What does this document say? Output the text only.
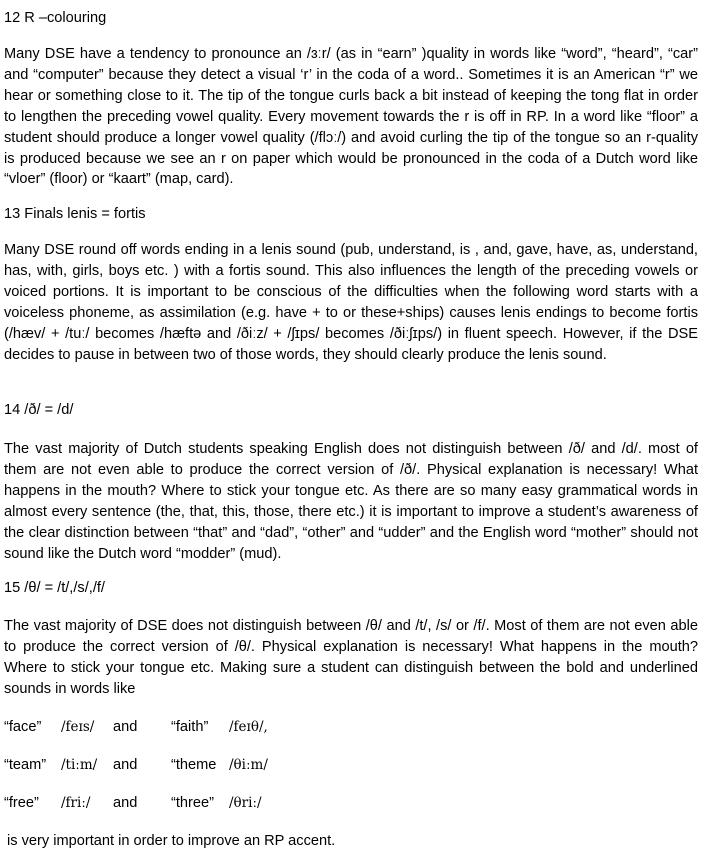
12 R –colouring
Many DSE have a tendency to pronounce an /ɜːr/ (as in “earn” )quality in words like “word”, “heard”, “car” and “computer” because they detect a visual ‘r’ in the coda of a word.. Sometimes it is an American “r” we hear or something close to it. The tip of the tongue curls back a bit instead of keeping the tong flat in order to lengthen the preceding vowel quality. Every movement towards the r is off in RP. In a word like “floor” a student should produce a longer vowel quality (/flɔː/) and avoid curling the tip of the tongue so an r-quality is produced because we see an r on paper which would be pronounced in the coda of a Dutch word like “vloer” (floor) or “kaart” (map, card).
13 Finals lenis = fortis
Many DSE round off words ending in a lenis sound (pub, understand, is , and, gave, have, as, understand, has, with, girls, boys etc. ) with a fortis sound. This also influences the length of the preceding vowels or voiced portions. It is important to be conscious of the difficulties when the following word starts with a voiceless phoneme, as assimilation (e.g. have + to or these+ships) causes lenis endings to become fortis (/hæv/ + /tuː/ becomes /hæftə and /ðiːz/ + /ʃɪps/ becomes /ðiːʃɪps/) in fluent speech. However, if the DSE decides to pause in between two of those words, they should clearly produce the lenis sound.
14 /ð/ = /d/
The vast majority of Dutch students speaking English does not distinguish between /ð/ and /d/. most of them are not even able to produce the correct version of /ð/. Physical explanation is necessary! What happens in the mouth? Where to stick your tongue etc. As there are so many easy grammatical words in almost every sentence (the, that, this, those, there etc.) it is important to improve a student’s awareness of the clear distinction between “that” and “dad”, “other” and “udder” and the English word “mother” should not sound like the Dutch word “modder” (mud).
15 /θ/ = /t/,/s/,/f/
The vast majority of DSE does not distinguish between /θ/ and /t/, /s/ or /f/. Most of them are not even able to produce the correct version of /θ/. Physical explanation is necessary! What happens in the mouth? Where to stick your tongue etc. Making sure a student can distinguish between the bold and underlined sounds in words like
“face” /feɪs/ and “faith” /feɪθ/,
“team” /tiːm/ and “theme /θiːm/
“free” /friː/ and “three” /θriː/
is very important in order to improve an RP accent.
